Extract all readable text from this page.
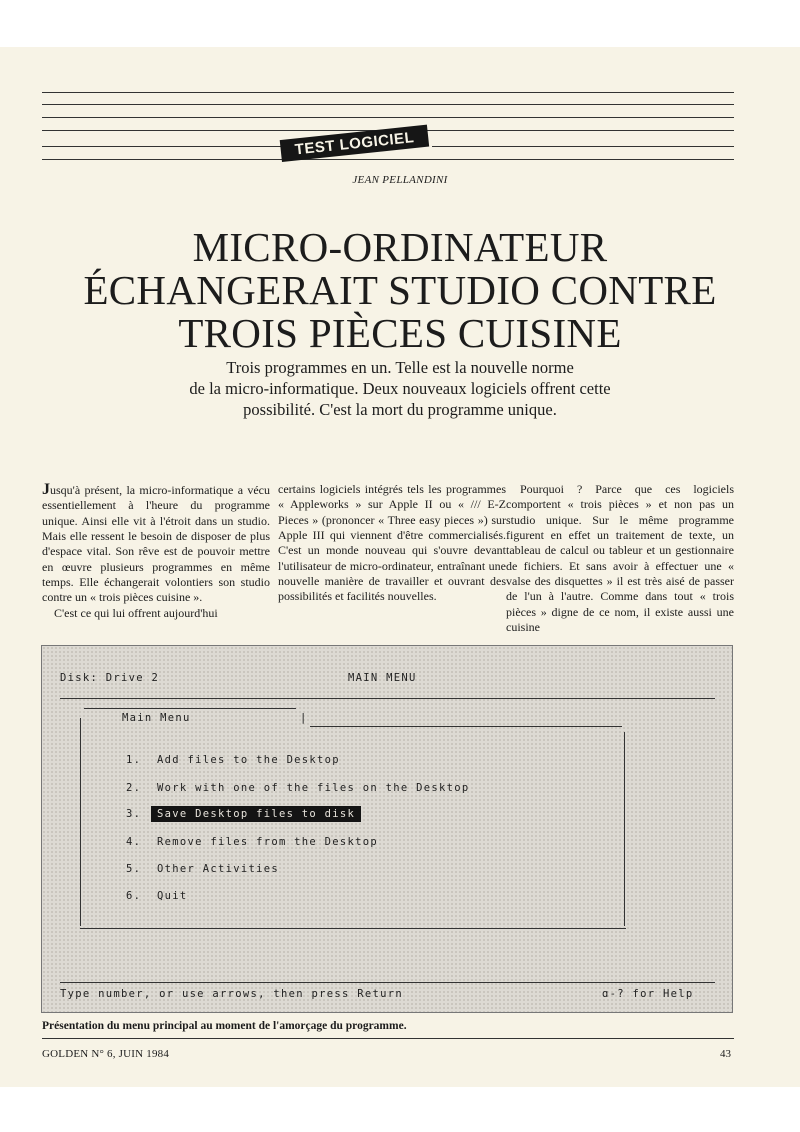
TEST LOGICIEL
JEAN PELLANDINI
MICRO-ORDINATEUR
ÉCHANGERAIT STUDIO CONTRE
TROIS PIÈCES CUISINE
Trois programmes en un. Telle est la nouvelle norme
de la micro-informatique. Deux nouveaux logiciels offrent cette
possibilité. C'est la mort du programme unique.

Jusqu'à présent, la micro-informatique a vécu essentiellement à l'heure du programme unique. Ainsi elle vit à l'étroit dans un studio. Mais elle ressent le besoin de disposer de plus d'espace vital. Son rêve est de pouvoir mettre en œuvre plusieurs programmes en même temps. Elle échangerait volontiers son studio contre un « trois pièces cuisine ».

C'est ce qui lui offrent aujourd'hui

certains logiciels intégrés tels les programmes « Appleworks » sur Apple II ou « /// E-Z Pieces » (prononcer « Three easy pieces ») sur Apple III qui viennent d'être commercialisés. C'est un monde nouveau qui s'ouvre devant l'utilisateur de micro-ordinateur, entraînant une nouvelle manière de travailler et ouvrant des possibilités et facilités nouvelles.

Pourquoi ? Parce que ces logiciels comportent « trois pièces » et non pas un studio unique. Sur le même programme figurent en effet un traitement de texte, un tableau de calcul ou tableur et un gestionnaire de fichiers. Et sans avoir à effectuer une « valse des disquettes » il est très aisé de passer de l'un à l'autre. Comme dans tout « trois pièces » digne de ce nom, il existe aussi une cuisine

Disk: Drive 2	MAIN MENU
Main Menu	|
1. Add files to the Desktop
2. Work with one of the files on the Desktop
3.	Save Desktop files to disk
4. Remove files from the Desktop
5. Other Activities
6. Quit
Type number, or use arrows, then press Return	ɑ-? for Help
Présentation du menu principal au moment de l'amorçage du programme.
GOLDEN N° 6, JUIN 1984	43
